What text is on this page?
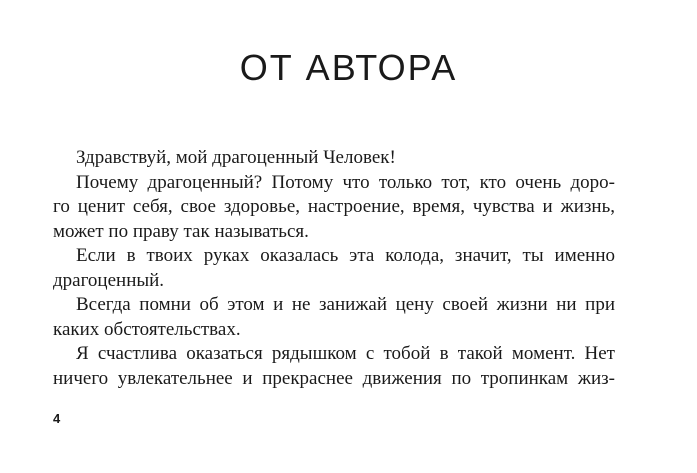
ОТ АВТОРА
Здравствуй, мой драгоценный Человек!
Почему драгоценный? Потому что только тот, кто очень доро-
го ценит себя, свое здоровье, настроение, время, чувства и жизнь,
может по праву так называться.
Если в твоих руках оказалась эта колода, значит, ты именно
драгоценный.
Всегда помни об этом и не занижай цену своей жизни ни при
каких обстоятельствах.
Я счастлива оказаться рядышком с тобой в такой момент. Нет
ничего увлекательнее и прекраснее движения по тропинкам жиз-
4
